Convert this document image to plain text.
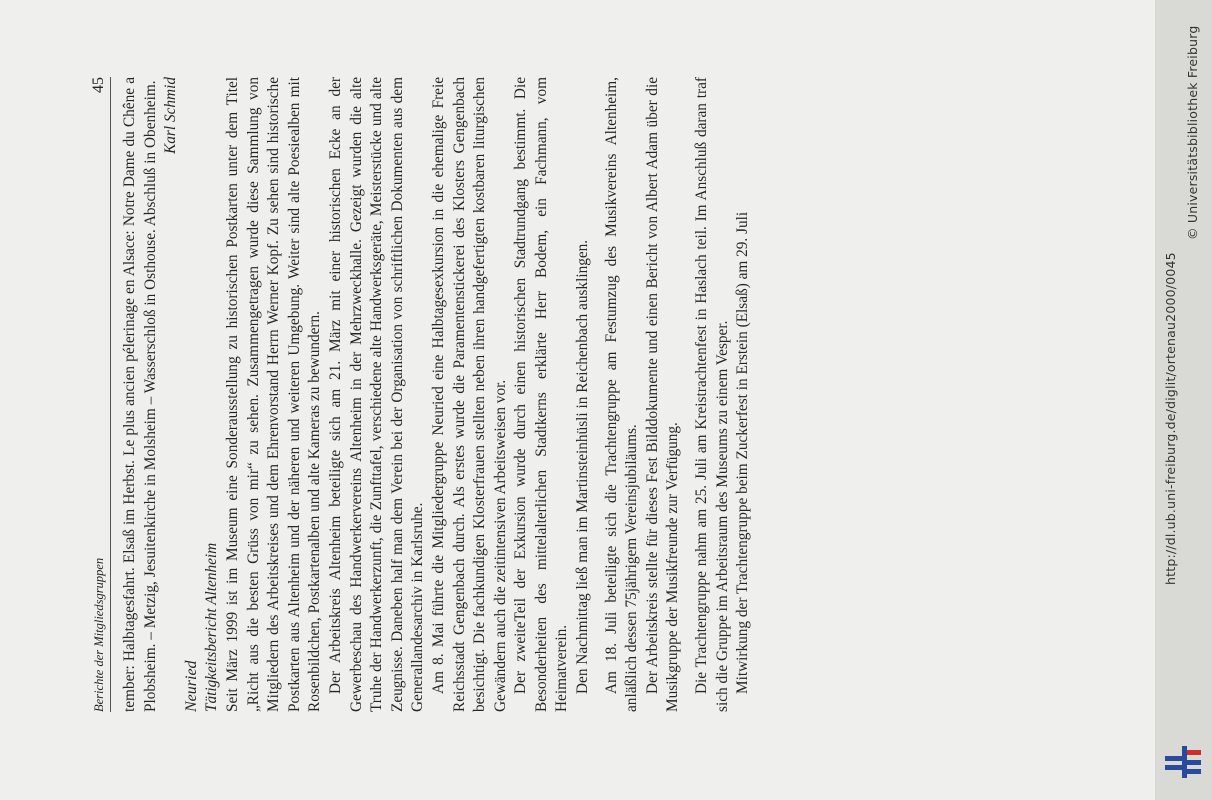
Berichte der Mitgliedsgruppen
45 tember: Halbtagesfahrt. Elsaß im Herbst. Le plus ancien pélerinage en Alsace: Notre Dame du Chêne a Plobsheim. – Metzig, Jesuitenkirche in Molsheim – Wasserschloß in Osthouse. Abschluß in Obenheim. Karl Schmid

Neuried Tätigkeitsbericht Altenheim Seit März 1999 ist im Museum eine Sonderausstellung zu historischen Postkarten unter dem Titel „Richt aus die besten Grüss von mir“ zu sehen. Zusammengetragen wurde diese Sammlung von Mitgliedern des Arbeitskreises und dem Ehrenvorstand Herrn Werner Kopf. Zu sehen sind historische Postkarten aus Altenheim und der näheren und weiteren Umgebung. Weiter sind alte Poesiealben mit Rosenbildchen, Postkartenalben und alte Kameras zu bewundern. Der Arbeitskreis Altenheim beteiligte sich am 21. März mit einer historischen Ecke an der Gewerbeschau des Handwerkervereins Altenheim in der Mehrzweckhalle. Gezeigt wurden die alte Truhe der Handwerkerzunft, die Zunfttafel, verschiedene alte Handwerksgeräte, Meisterstücke und alte Zeugnisse. Daneben half man dem Verein bei der Organisation von schriftlichen Dokumenten aus dem Generallandesarchiv in Karlsruhe. Am 8. Mai führte die Mitgliedergruppe Neuried eine Halbtagesexkursion in die ehemalige Freie Reichsstadt Gengenbach durch. Als erstes wurde die Paramentenstickerei des Klosters Gengenbach besichtigt. Die fachkundigen Klosterfrauen stellten neben ihren handgefertigten kostbaren liturgischen Gewändern auch die zeitintensiven Arbeitsweisen vor. Der zweiteTeil der Exkursion wurde durch einen historischen Stadtrundgang bestimmt. Die Besonderheiten des mittelalterlichen Stadtkerns erklärte Herr Bodem, ein Fachmann, vom Heimatverein. Den Nachmittag ließ man im Martinsteinhüsli in Reichenbach ausklingen. Am 18. Juli beteiligte sich die Trachtengruppe am Festumzug des Musikvereins Altenheim, anläßlich dessen 75jährigem Vereinsjubiläums. Der Arbeitskreis stellte für dieses Fest Bilddokumente und einen Bericht von Albert Adam über die Musikgruppe der Musikfreunde zur Verfügung. Die Trachtengruppe nahm am 25. Juli am Kreistrachtenfest in Haslach teil. Im Anschluß daran traf sich die Gruppe im Arbeitsraum des Museums zu einem Vesper. Mitwirkung der Trachtengruppe beim Zuckerfest in Erstein (Elsaß) am 29. Juli	http://dl.ub.uni-freiburg.de/diglit/ortenau2000/0045
© Universitätsbibliothek Freiburg
